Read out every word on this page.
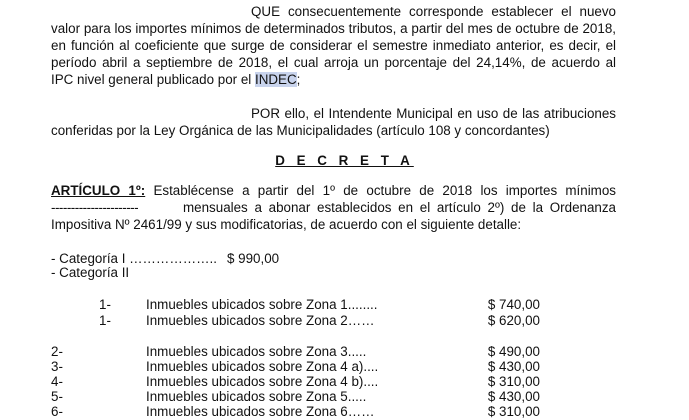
QUE consecuentemente corresponde establecer el nuevo
valor para los importes mínimos de determinados tributos, a partir del mes de octubre de 2018,
en función al coeficiente que surge de considerar el semestre inmediato anterior, es decir, el
período abril a septiembre de 2018, el cual arroja un porcentaje del 24,14%, de acuerdo al
IPC nivel general publicado por el INDEC;
POR ello, el Intendente Municipal en uso de las atribuciones
conferidas por la Ley Orgánica de las Municipalidades (artículo 108 y concordantes)
D E C R E T A
ARTÍCULO 1º: Establécense a partir del 1º de octubre de 2018 los importes mínimos
----------------------	mensuales a abonar establecidos en el artículo 2º) de la Ordenanza
Impositiva Nº 2461/99 y sus modificatorias, de acuerdo con el siguiente detalle:
- Categoría I ……………….. $ 990,00
- Categoría II
1-	Inmuebles ubicados sobre Zona 1........	$ 740,00
1-	Inmuebles ubicados sobre Zona 2……	$ 620,00
2-	Inmuebles ubicados sobre Zona 3.....	$ 490,00
3-	Inmuebles ubicados sobre Zona 4 a)....	$ 430,00
4-	Inmuebles ubicados sobre Zona 4 b)....	$ 310,00
5-	Inmuebles ubicados sobre Zona 5.....	$ 430,00
6-	Inmuebles ubicados sobre Zona 6……	$ 310,00
